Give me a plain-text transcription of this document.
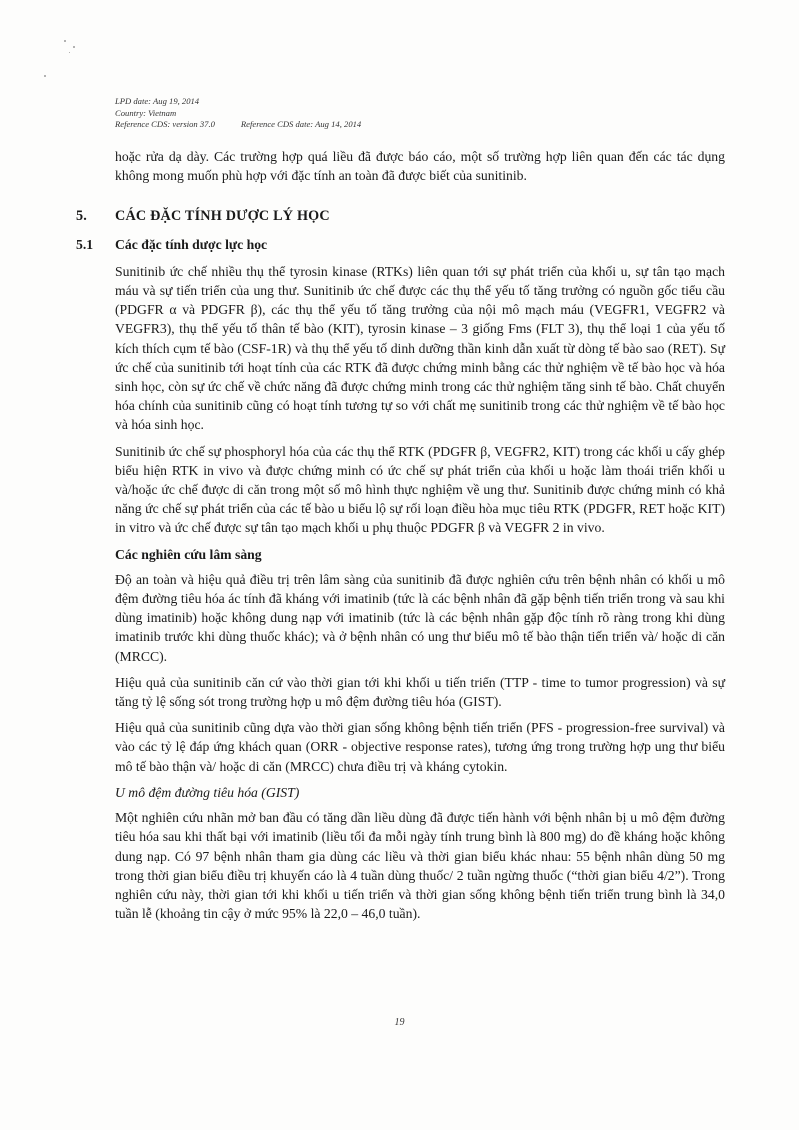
LPD date: Aug 19, 2014
Country: Vietnam
Reference CDS: version 37.0	Reference CDS date: Aug 14, 2014

hoặc rửa dạ dày. Các trường hợp quá liều đã được báo cáo, một số trường hợp liên quan đến các tác dụng không mong muốn phù hợp với đặc tính an toàn đã được biết của sunitinib.

5.	CÁC ĐẶC TÍNH DƯỢC LÝ HỌC
5.1	Các đặc tính dược lực học

Sunitinib ức chế nhiều thụ thể tyrosin kinase (RTKs) liên quan tới sự phát triển của khối u, sự tân tạo mạch máu và sự tiến triển của ung thư. Sunitinib ức chế được các thụ thể yếu tố tăng trưởng có nguồn gốc tiểu cầu (PDGFR α và PDGFR β), các thụ thể yếu tố tăng trưởng của nội mô mạch máu (VEGFR1, VEGFR2 và VEGFR3), thụ thể yếu tố thân tế bào (KIT), tyrosin kinase – 3 giống Fms (FLT 3), thụ thể loại 1 của yếu tố kích thích cụm tế bào (CSF-1R) và thụ thể yếu tố dinh dưỡng thần kinh dẫn xuất từ dòng tế bào sao (RET). Sự ức chế của sunitinib tới hoạt tính của các RTK đã được chứng minh bằng các thử nghiệm về tế bào học và hóa sinh học, còn sự ức chế về chức năng đã được chứng minh trong các thử nghiệm tăng sinh tế bào. Chất chuyển hóa chính của sunitinib cũng có hoạt tính tương tự so với chất mẹ sunitinib trong các thử nghiệm về tế bào học và hóa sinh học.

Sunitinib ức chế sự phosphoryl hóa của các thụ thể RTK (PDGFR β, VEGFR2, KIT) trong các khối u cấy ghép biểu hiện RTK in vivo và được chứng minh có ức chế sự phát triển của khối u hoặc làm thoái triển khối u và/hoặc ức chế được di căn trong một số mô hình thực nghiệm về ung thư. Sunitinib được chứng minh có khả năng ức chế sự phát triển của các tế bào u biểu lộ sự rối loạn điều hòa mục tiêu RTK (PDGFR, RET hoặc KIT) in vitro và ức chế được sự tân tạo mạch khối u phụ thuộc PDGFR β và VEGFR 2 in vivo.

Các nghiên cứu lâm sàng

Độ an toàn và hiệu quả điều trị trên lâm sàng của sunitinib đã được nghiên cứu trên bệnh nhân có khối u mô đệm đường tiêu hóa ác tính đã kháng với imatinib (tức là các bệnh nhân đã gặp bệnh tiến triển trong và sau khi dùng imatinib) hoặc không dung nạp với imatinib (tức là các bệnh nhân gặp độc tính rõ ràng trong khi dùng imatinib trước khi dùng thuốc khác); và ở bệnh nhân có ung thư biểu mô tế bào thận tiến triển và/ hoặc di căn (MRCC).

Hiệu quả của sunitinib căn cứ vào thời gian tới khi khối u tiến triển (TTP - time to tumor progression) và sự tăng tỷ lệ sống sót trong trường hợp u mô đệm đường tiêu hóa (GIST).

Hiệu quả của sunitinib cũng dựa vào thời gian sống không bệnh tiến triển (PFS - progression-free survival) và vào các tỷ lệ đáp ứng khách quan (ORR - objective response rates), tương ứng trong trường hợp ung thư biểu mô tế bào thận và/ hoặc di căn (MRCC) chưa điều trị và kháng cytokin.

U mô đệm đường tiêu hóa (GIST)

Một nghiên cứu nhãn mở ban đầu có tăng dần liều dùng đã được tiến hành với bệnh nhân bị u mô đệm đường tiêu hóa sau khi thất bại với imatinib (liều tối đa mỗi ngày tính trung bình là 800 mg) do đề kháng hoặc không dung nạp. Có 97 bệnh nhân tham gia dùng các liều và thời gian biểu khác nhau: 55 bệnh nhân dùng 50 mg trong thời gian biểu điều trị khuyến cáo là 4 tuần dùng thuốc/ 2 tuần ngừng thuốc (“thời gian biểu 4/2”). Trong nghiên cứu này, thời gian tới khi khối u tiến triển và thời gian sống không bệnh tiến triển trung bình là 34,0 tuần lễ (khoảng tin cậy ở mức 95% là 22,0 – 46,0 tuần).

19
